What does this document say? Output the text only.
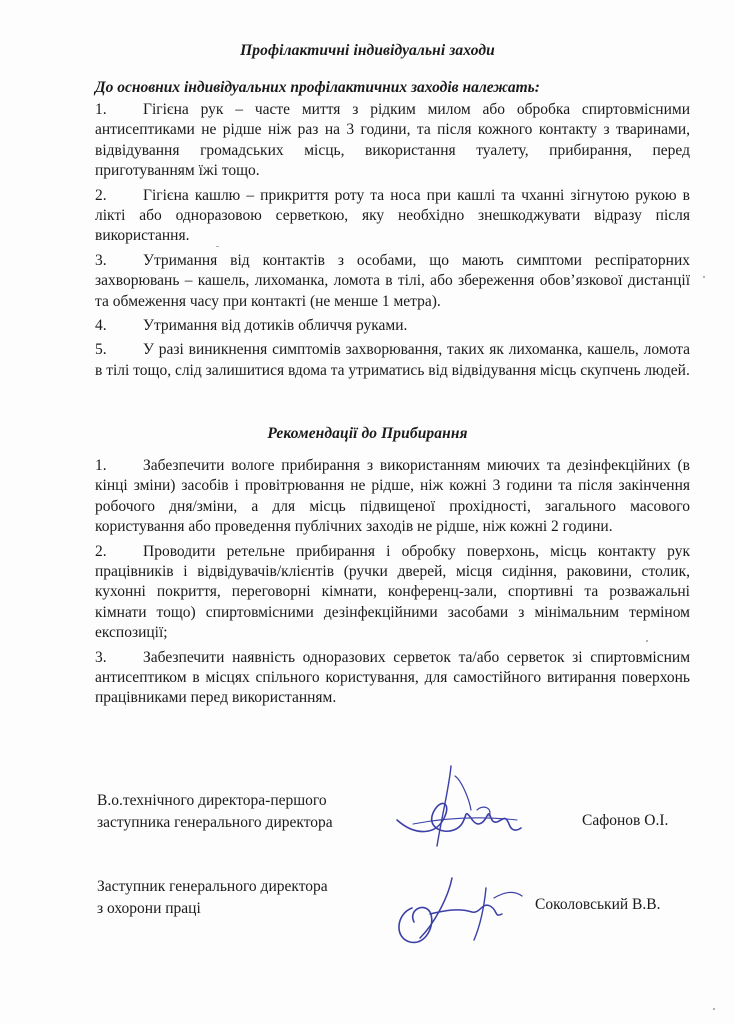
Профілактичні індивідуальні заходи
До основних індивідуальних профілактичних заходів належать:

1. Гігієна рук – часте миття з рідким милом або обробка спиртовмісними антисептиками не рідше ніж раз на 3 години, та після кожного контакту з тваринами, відвідування громадських місць, використання туалету, прибирання, перед приготуванням їжі тощо.

2. Гігієна кашлю – прикриття роту та носа при кашлі та чханні зігнутою рукою в лікті або одноразовою серветкою, яку необхідно знешкоджувати відразу після використання.

3. Утримання від контактів з особами, що мають симптоми респіраторних захворювань – кашель, лихоманка, ломота в тілі, або збереження обов’язкової дистанції та обмеження часу при контакті (не менше 1 метра).

4. Утримання від дотиків обличчя руками.

5. У разі виникнення симптомів захворювання, таких як лихоманка, кашель, ломота в тілі тощо, слід залишитися вдома та утриматись від відвідування місць скупчень людей.

Рекомендації до Прибирання

1. Забезпечити вологе прибирання з використанням миючих та дезінфекційних (в кінці зміни) засобів і провітрювання не рідше, ніж кожні 3 години та після закінчення робочого дня/зміни, а для місць підвищеної прохідності, загального масового користування або проведення публічних заходів не рідше, ніж кожні 2 години.

2. Проводити ретельне прибирання і обробку поверхонь, місць контакту рук працівників і відвідувачів/клієнтів (ручки дверей, місця сидіння, раковини, столик, кухонні покриття, переговорні кімнати, конференц-зали, спортивні та розважальні кімнати тощо) спиртовмісними дезінфекційними засобами з мінімальним терміном експозиції;

3. Забезпечити наявність одноразових серветок та/або серветок зі спиртовмісним антисептиком в місцях спільного користування, для самостійного витирання поверхонь працівниками перед використанням.

В.о.технічного директора-першого
заступника генерального директора	Сафонов О.І.
Заступник генерального директора
з охорони праці	Соколовський В.В.
